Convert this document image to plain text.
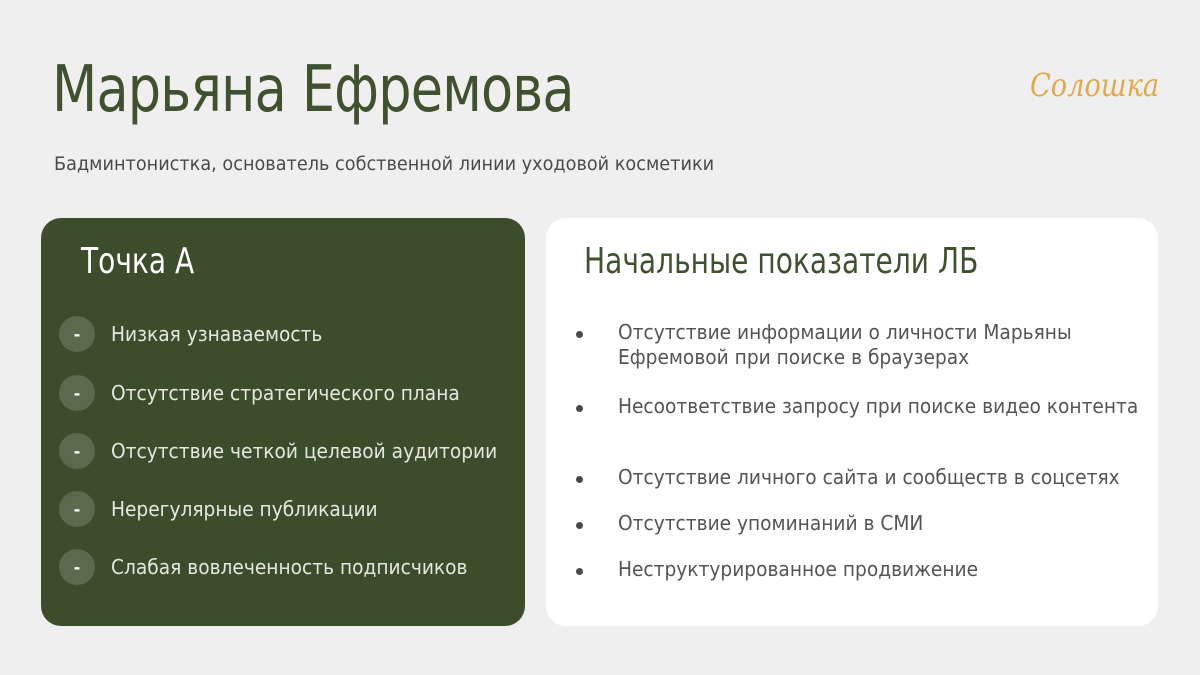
Марьяна Ефремова	Солошка
Бадминтонистка, основатель собственной линии уходовой косметики
Точка А
-	Низкая узнаваемость
-	Отсутствие стратегического плана
-	Отсутствие четкой целевой аудитории
-	Нерегулярные публикации
-	Слабая вовлеченность подписчиков
Начальные показатели ЛБ
Отсутствие информации о личности Марьяны Ефремовой при поиске в браузерах
Несоответствие запросу при поиске видео контента
Отсутствие личного сайта и сообществ в соцсетях
Отсутствие упоминаний в СМИ
Неструктурированное продвижение
